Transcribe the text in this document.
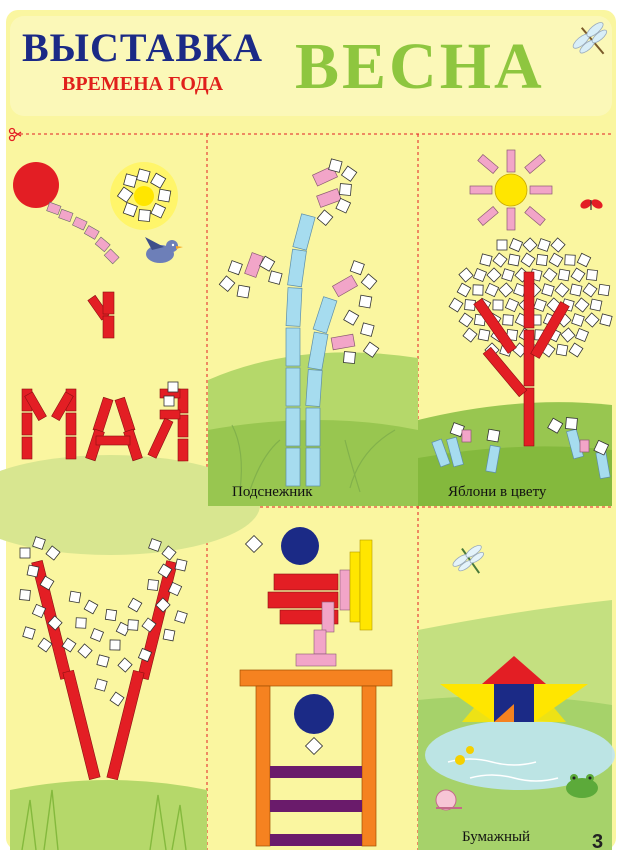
ВЫСТАВКА
ВРЕМЕНА ГОДА ВЕСНА
Подснежник	Яблони в цвету
Бумажный	3
